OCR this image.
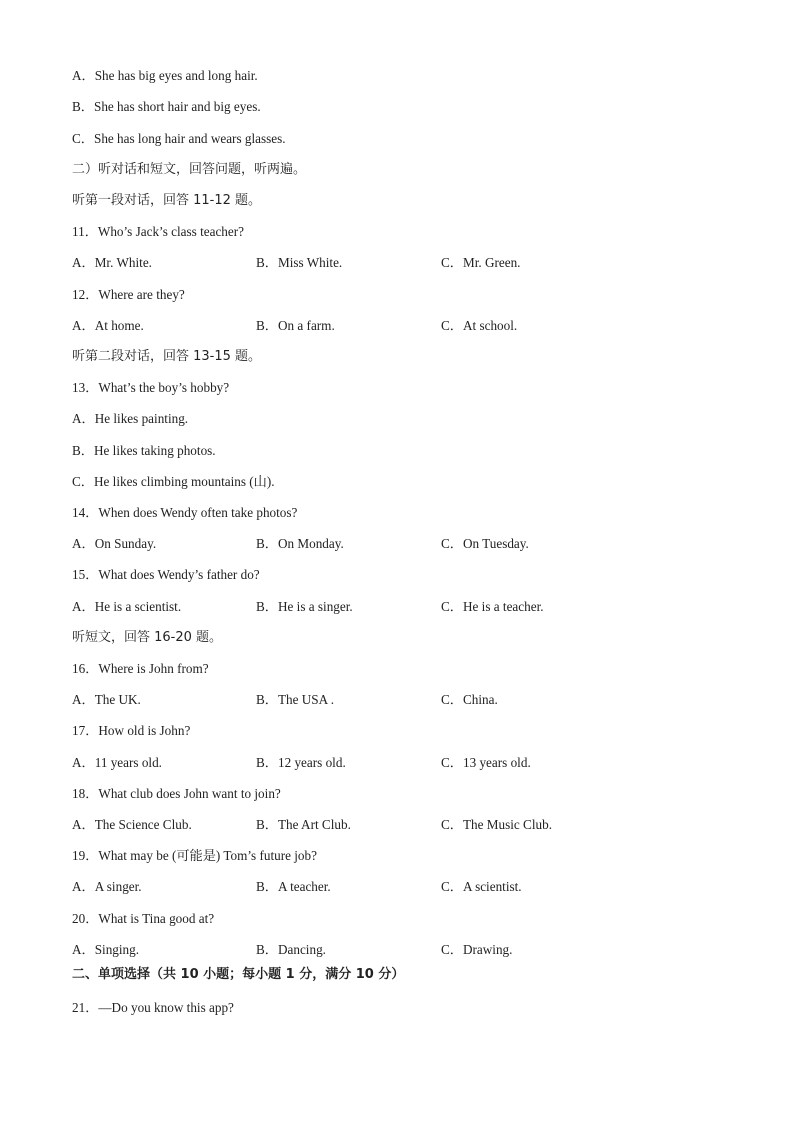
A．She has big eyes and long hair.
B．She has short hair and big eyes.
C．She has long hair and wears glasses.
二）听对话和短文，回答问题，听两遍。
听第一段对话，回答 11-12 题。
11．Who’s Jack’s class teacher?
A．Mr. White.	B．Miss White.	C．Mr. Green.
12．Where are they?
A．At home.	B．On a farm.	C．At school.
听第二段对话，回答 13-15 题。
13．What’s the boy’s hobby?
A．He likes painting.
B．He likes taking photos.
C．He likes climbing mountains (山).
14．When does Wendy often take photos?
A．On Sunday.	B．On Monday.	C．On Tuesday.
15．What does Wendy’s father do?
A．He is a scientist.	B．He is a singer.	C．He is a teacher.
听短文，回答 16-20 题。
16．Where is John from?
A．The UK.	B．The USA .	C．China.
17．How old is John?
A．11 years old.	B．12 years old.	C．13 years old.
18．What club does John want to join?
A．The Science Club.	B．The Art Club.	C．The Music Club.
19．What may be (可能是) Tom’s future job?
A．A singer.	B．A teacher.	C．A scientist.
20．What is Tina good at?
A．Singing.	B．Dancing.	C．Drawing.
二、单项选择（共 10 小题；每小题 1 分，满分 10 分）
21．—Do you know this app?
